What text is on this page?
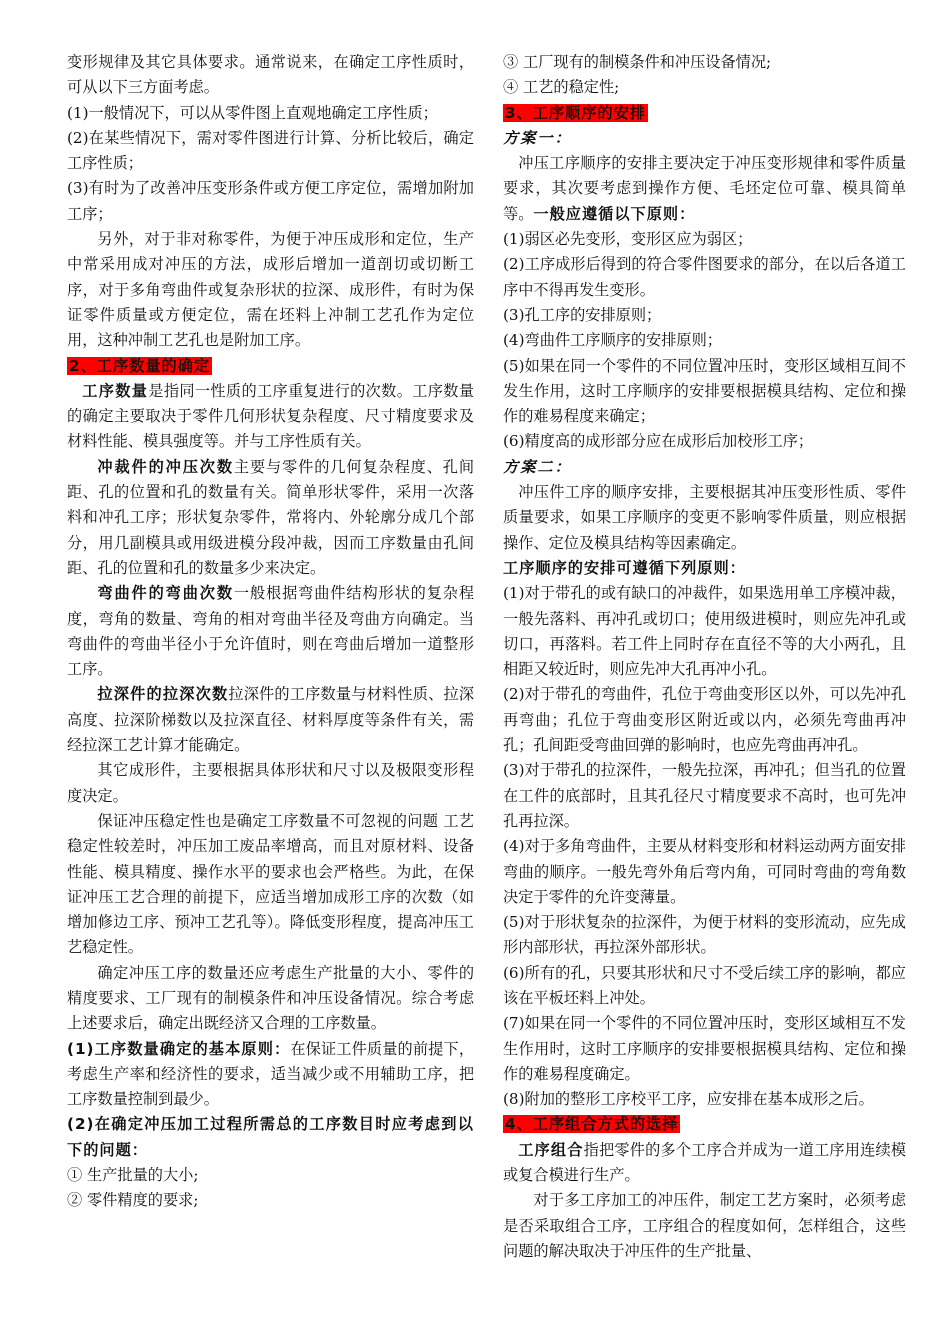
变形规律及其它具体要求。通常说来，在确定工序性质时，可从以下三方面考虑。

(1)一般情况下，可以从零件图上直观地确定工序性质；

(2)在某些情况下，需对零件图进行计算、分析比较后，确定工序性质；

(3)有时为了改善冲压变形条件或方便工序定位，需增加附加工序；

另外，对于非对称零件，为便于冲压成形和定位，生产中常采用成对冲压的方法，成形后增加一道剖切或切断工序，对于多角弯曲件或复杂形状的拉深、成形件，有时为保证零件质量或方便定位，需在坯料上冲制工艺孔作为定位用，这种冲制工艺孔也是附加工序。

2、工序数量的确定

工序数量是指同一性质的工序重复进行的次数。工序数量的确定主要取决于零件几何形状复杂程度、尺寸精度要求及材料性能、模具强度等。并与工序性质有关。

冲裁件的冲压次数主要与零件的几何复杂程度、孔间距、孔的位置和孔的数量有关。简单形状零件，采用一次落料和冲孔工序；形状复杂零件，常将内、外轮廓分成几个部分，用几副模具或用级进模分段冲裁，因而工序数量由孔间距、孔的位置和孔的数量多少来决定。

弯曲件的弯曲次数一般根据弯曲件结构形状的复杂程度，弯角的数量、弯角的相对弯曲半径及弯曲方向确定。当弯曲件的弯曲半径小于允许值时，则在弯曲后增加一道整形工序。

拉深件的拉深次数拉深件的工序数量与材料性质、拉深高度、拉深阶梯数以及拉深直径、材料厚度等条件有关，需经拉深工艺计算才能确定。

其它成形件，主要根据具体形状和尺寸以及极限变形程度决定。

保证冲压稳定性也是确定工序数量不可忽视的问题 工艺稳定性较差时，冲压加工废品率增高，而且对原材料、设备性能、模具精度、操作水平的要求也会严格些。为此，在保证冲压工艺合理的前提下，应适当增加成形工序的次数（如增加修边工序、预冲工艺孔等）。降低变形程度，提高冲压工艺稳定性。

确定冲压工序的数量还应考虑生产批量的大小、零件的精度要求、工厂现有的制模条件和冲压设备情况。综合考虑上述要求后，确定出既经济又合理的工序数量。

(1)工序数量确定的基本原则：在保证工件质量的前提下，考虑生产率和经济性的要求，适当减少或不用辅助工序，把工序数量控制到最少。

(2)在确定冲压加工过程所需总的工序数目时应考虑到以下的问题：

① 生产批量的大小;

② 零件精度的要求;

③ 工厂现有的制模条件和冲压设备情况;

④ 工艺的稳定性;

3、工序顺序的安排

方案一：

冲压工序顺序的安排主要决定于冲压变形规律和零件质量要求，其次要考虑到操作方便、毛坯定位可靠、模具简单等。一般应遵循以下原则：

(1)弱区必先变形，变形区应为弱区；

(2)工序成形后得到的符合零件图要求的部分，在以后各道工序中不得再发生变形。

(3)孔工序的安排原则；

(4)弯曲件工序顺序的安排原则；

(5)如果在同一个零件的不同位置冲压时，变形区域相互间不发生作用，这时工序顺序的安排要根据模具结构、定位和操作的难易程度来确定；

(6)精度高的成形部分应在成形后加校形工序；

方案二：

冲压件工序的顺序安排，主要根据其冲压变形性质、零件质量要求，如果工序顺序的变更不影响零件质量，则应根据操作、定位及模具结构等因素确定。

工序顺序的安排可遵循下列原则：

(1)对于带孔的或有缺口的冲裁件，如果选用单工序模冲裁，一般先落料、再冲孔或切口；使用级进模时，则应先冲孔或切口，再落料。若工件上同时存在直径不等的大小两孔，且相距又较近时，则应先冲大孔再冲小孔。

(2)对于带孔的弯曲件，孔位于弯曲变形区以外，可以先冲孔再弯曲；孔位于弯曲变形区附近或以内，必须先弯曲再冲孔；孔间距受弯曲回弹的影响时，也应先弯曲再冲孔。

(3)对于带孔的拉深件，一般先拉深，再冲孔；但当孔的位置在工件的底部时，且其孔径尺寸精度要求不高时，也可先冲孔再拉深。

(4)对于多角弯曲件，主要从材料变形和材料运动两方面安排弯曲的顺序。一般先弯外角后弯内角，可同时弯曲的弯角数决定于零件的允许变薄量。

(5)对于形状复杂的拉深件，为便于材料的变形流动，应先成形内部形状，再拉深外部形状。

(6)所有的孔，只要其形状和尺寸不受后续工序的影响，都应该在平板坯料上冲处。

(7)如果在同一个零件的不同位置冲压时，变形区域相互不发生作用时，这时工序顺序的安排要根据模具结构、定位和操作的难易程度确定。

(8)附加的整形工序校平工序，应安排在基本成形之后。

4、工序组合方式的选择

工序组合指把零件的多个工序合并成为一道工序用连续模或复合模进行生产。

对于多工序加工的冲压件，制定工艺方案时，必须考虑是否采取组合工序，工序组合的程度如何，怎样组合，这些问题的解决取决于冲压件的生产批量、
